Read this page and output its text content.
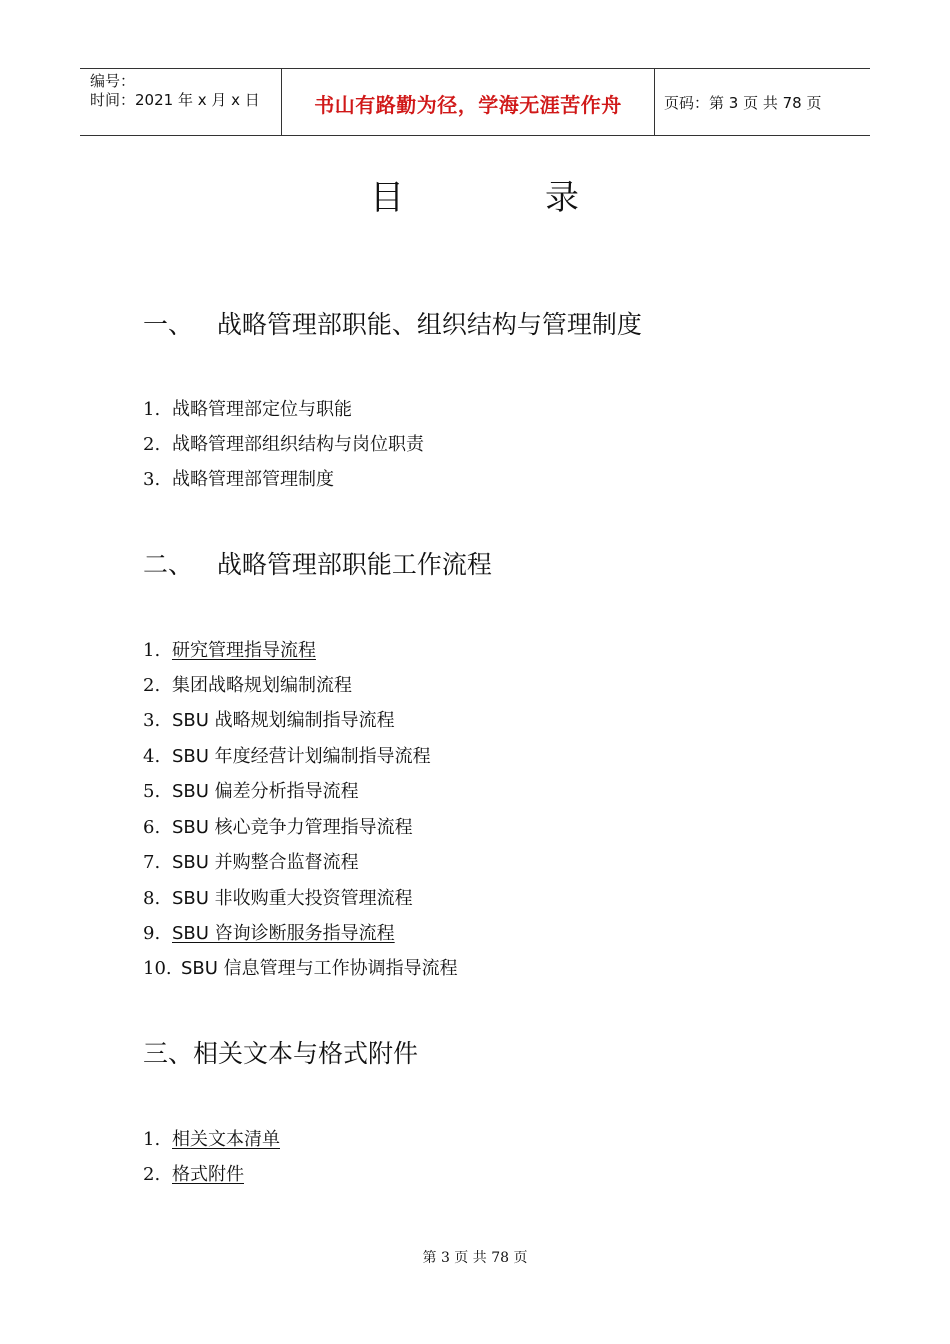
编号：
时间：2021 年 x 月 x 日	书山有路勤为径，学海无涯苦作舟	页码：第 3 页 共 78 页
目	录
一、   战略管理部职能、组织结构与管理制度
1. 战略管理部定位与职能
2. 战略管理部组织结构与岗位职责
3. 战略管理部管理制度
二、   战略管理部职能工作流程
1. 研究管理指导流程
2. 集团战略规划编制流程
3. SBU 战略规划编制指导流程
4. SBU 年度经营计划编制指导流程
5. SBU 偏差分析指导流程
6. SBU 核心竞争力管理指导流程
7. SBU 并购整合监督流程
8. SBU 非收购重大投资管理流程
9. SBU 咨询诊断服务指导流程
10. SBU 信息管理与工作协调指导流程
三、相关文本与格式附件
1. 相关文本清单
2. 格式附件
第 3 页 共 78 页
